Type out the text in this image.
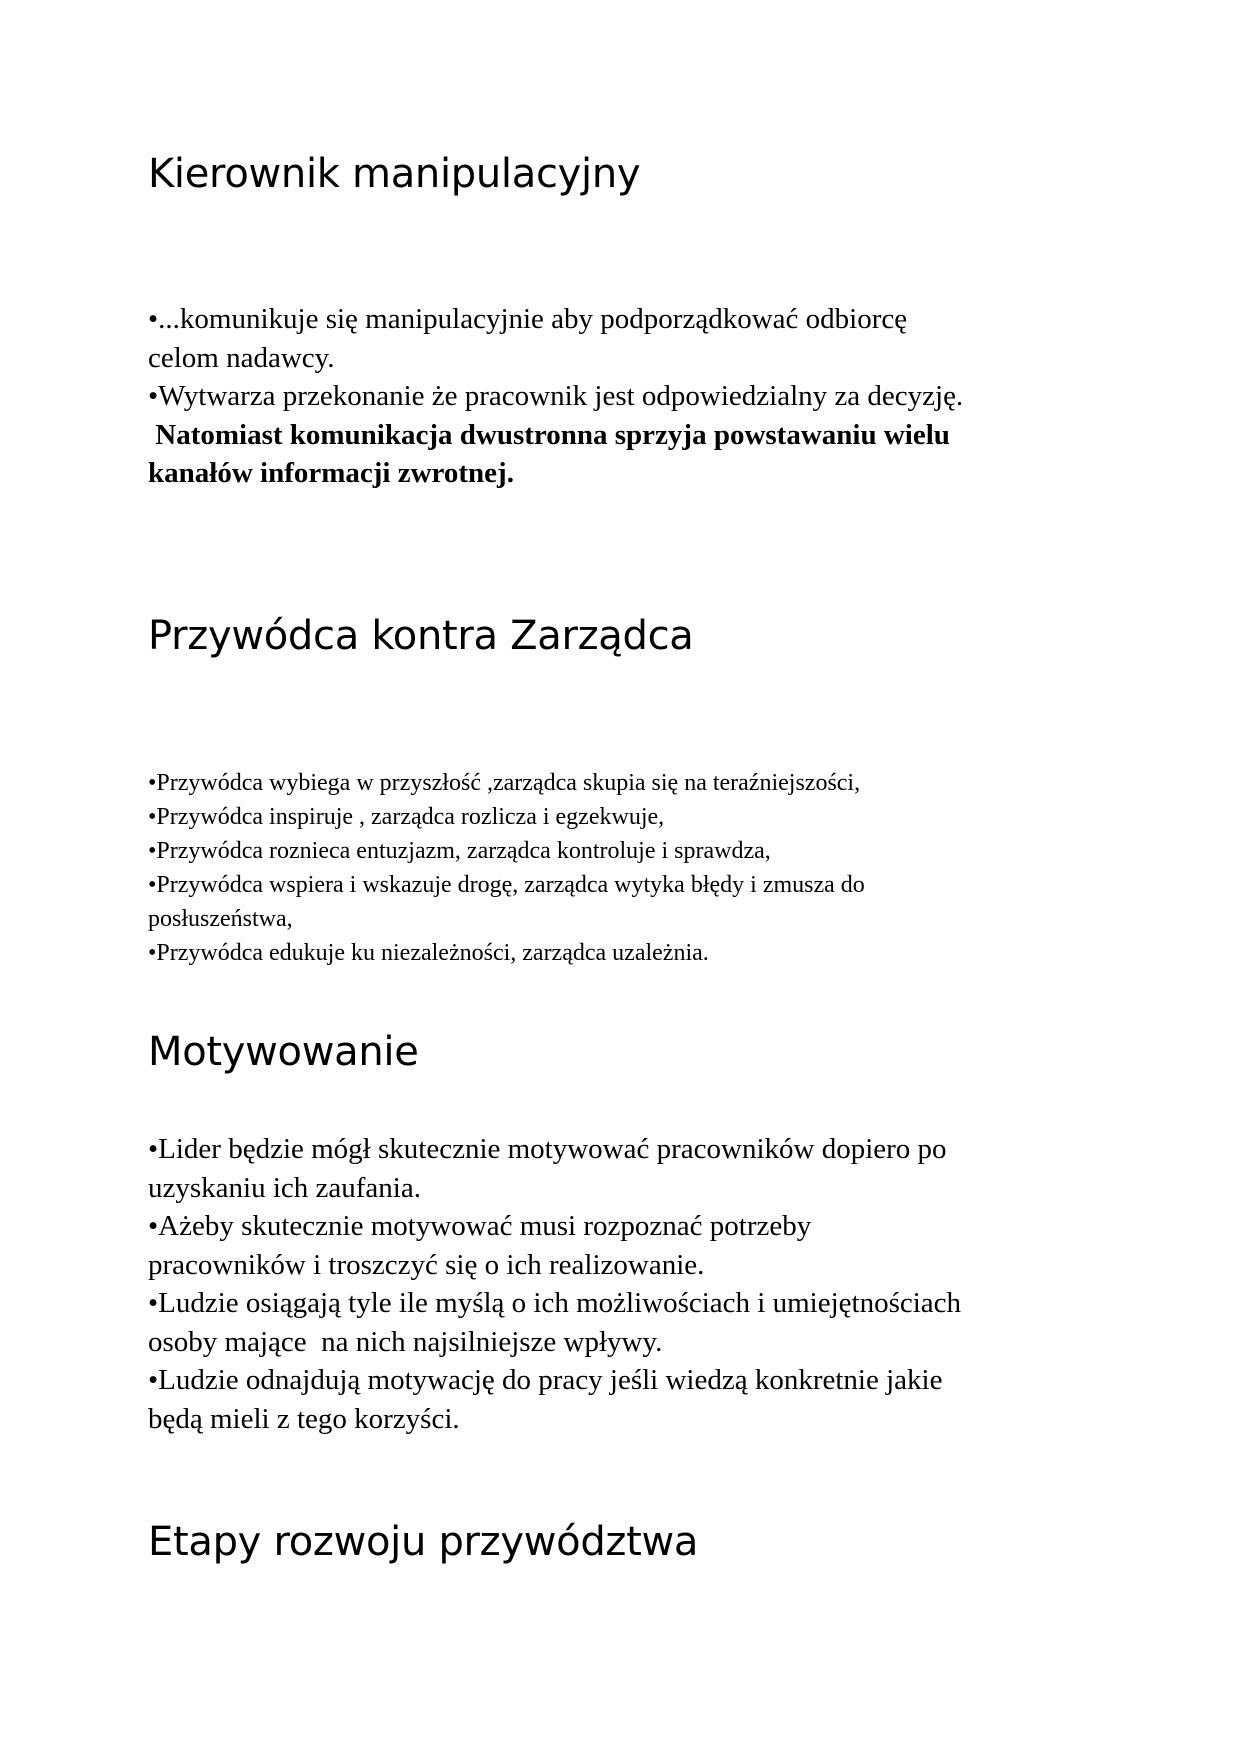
Kierownik manipulacyjny

•...komunikuje się manipulacyjnie aby podporządkować odbiorcę
celom nadawcy.
•Wytwarza przekonanie że pracownik jest odpowiedzialny za decyzję.
Natomiast komunikacja dwustronna sprzyja powstawaniu wielu
kanałów informacji zwrotnej.

Przywódca kontra Zarządca

•Przywódca wybiega w przyszłość ,zarządca skupia się na teraźniejszości,
•Przywódca inspiruje , zarządca rozlicza i egzekwuje,
•Przywódca roznieca entuzjazm, zarządca kontroluje i sprawdza,
•Przywódca wspiera i wskazuje drogę, zarządca wytyka błędy i zmusza do
posłuszeństwa,
•Przywódca edukuje ku niezależności, zarządca uzależnia.

Motywowanie

•Lider będzie mógł skutecznie motywować pracowników dopiero po
uzyskaniu ich zaufania.
•Ażeby skutecznie motywować musi rozpoznać potrzeby
pracowników i troszczyć się o ich realizowanie.
•Ludzie osiągają tyle ile myślą o ich możliwościach i umiejętnościach
osoby mające  na nich najsilniejsze wpływy.
•Ludzie odnajdują motywację do pracy jeśli wiedzą konkretnie jakie
będą mieli z tego korzyści.

Etapy rozwoju przywództwa
